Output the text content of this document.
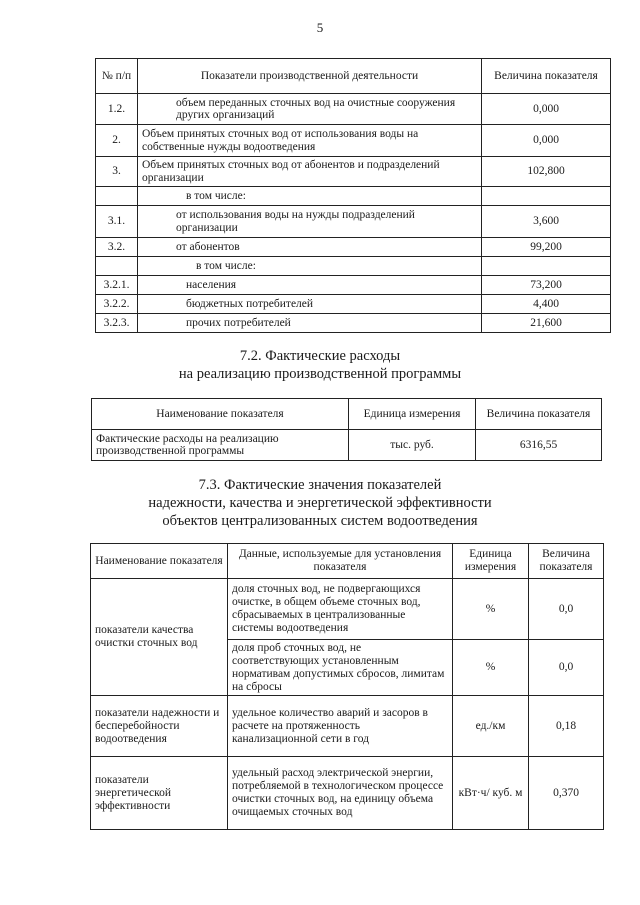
5
№ п/п	Показатели производственной деятельности	Величина показателя
1.2.	объем переданных сточных вод на очистные сооружения других организаций	0,000
2.	Объем принятых сточных вод от использования воды на собственные нужды водоотведения	0,000
3.	Объем принятых сточных вод от абонентов и подразделений организации	102,800
	в том числе:	
3.1.	от использования воды на нужды подразделений организации	3,600
3.2.	от абонентов	99,200
	в том числе:	
3.2.1.	населения	73,200
3.2.2.	бюджетных потребителей	4,400
3.2.3.	прочих потребителей	21,600
7.2. Фактические расходы
на реализацию производственной программы
Наименование показателя	Единица измерения	Величина показателя
Фактические расходы на реализацию производственной программы	тыс. руб.	6316,55
7.3. Фактические значения показателей
надежности, качества и энергетической эффективности
объектов централизованных систем водоотведения
Наименование показателя	Данные, используемые для установления показателя	Единица измерения	Величина показателя
показатели качества очистки сточных вод	доля сточных вод, не подвергающихся очистке, в общем объеме сточных вод, сбрасываемых в централизованные системы водоотведения	%	0,0
	доля проб сточных вод, не соответствующих установленным нормативам допустимых сбросов, лимитам на сбросы	%	0,0
показатели надежности и бесперебойности водоотведения	удельное количество аварий и засоров в расчете на протяженность канализационной сети в год	ед./км	0,18
показатели энергетической эффективности	удельный расход электрической энергии, потребляемой в технологическом процессе очистки сточных вод, на единицу объема очищаемых сточных вод	кВт·ч/ куб. м	0,370
